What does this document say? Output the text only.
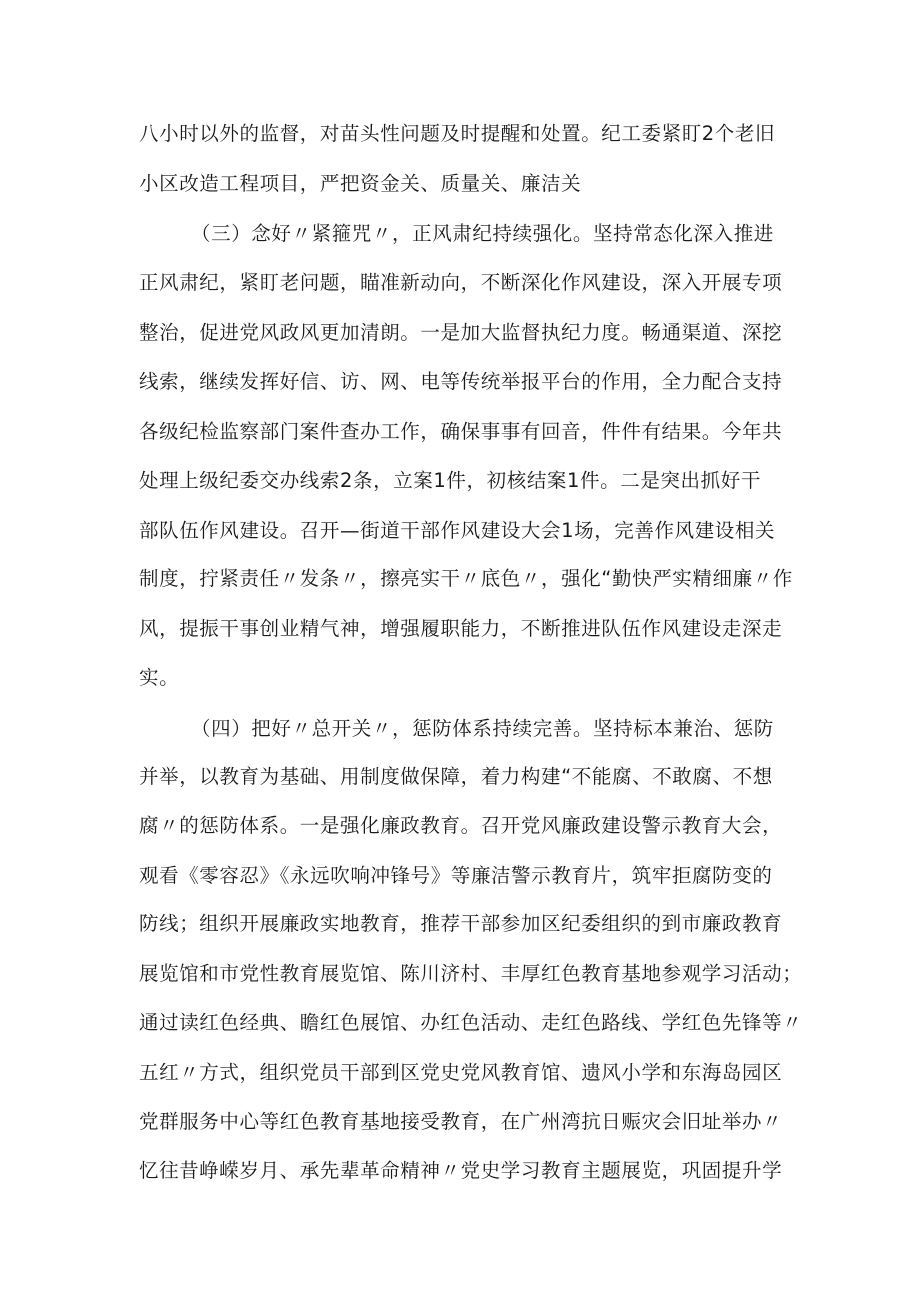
八小时以外的监督，对苗头性问题及时提醒和处置。纪工委紧盯2个老旧
小区改造工程项目，严把资金关、质量关、廉洁关
（三）念好〃紧箍咒〃，正风肃纪持续强化。坚持常态化深入推进
正风肃纪，紧盯老问题，瞄准新动向，不断深化作风建设，深入开展专项
整治，促进党风政风更加清朗。一是加大监督执纪力度。畅通渠道、深挖
线索，继续发挥好信、访、网、电等传统举报平台的作用，全力配合支持
各级纪检监察部门案件查办工作，确保事事有回音，件件有结果。今年共
处理上级纪委交办线索2条，立案1件，初核结案1件。二是突出抓好干
部队伍作风建设。召开—街道干部作风建设大会1场，完善作风建设相关
制度，拧紧责任〃发条〃，擦亮实干〃底色〃，强化“勤快严实精细廉〃作
风，提振干事创业精气神，增强履职能力，不断推进队伍作风建设走深走
实。
（四）把好〃总开关〃，惩防体系持续完善。坚持标本兼治、惩防
并举，以教育为基础、用制度做保障，着力构建“不能腐、不敢腐、不想
腐〃的惩防体系。一是强化廉政教育。召开党风廉政建设警示教育大会，
观看《零容忍》《永远吹响冲锋号》等廉洁警示教育片，筑牢拒腐防变的
防线；组织开展廉政实地教育，推荐干部参加区纪委组织的到市廉政教育
展览馆和市党性教育展览馆、陈川济村、丰厚红色教育基地参观学习活动；
通过读红色经典、瞻红色展馆、办红色活动、走红色路线、学红色先锋等〃
五红〃方式，组织党员干部到区党史党风教育馆、遗风小学和东海岛园区
党群服务中心等红色教育基地接受教育，在广州湾抗日赈灾会旧址举办〃
忆往昔峥嵘岁月、承先辈革命精神〃党史学习教育主题展览，巩固提升学
